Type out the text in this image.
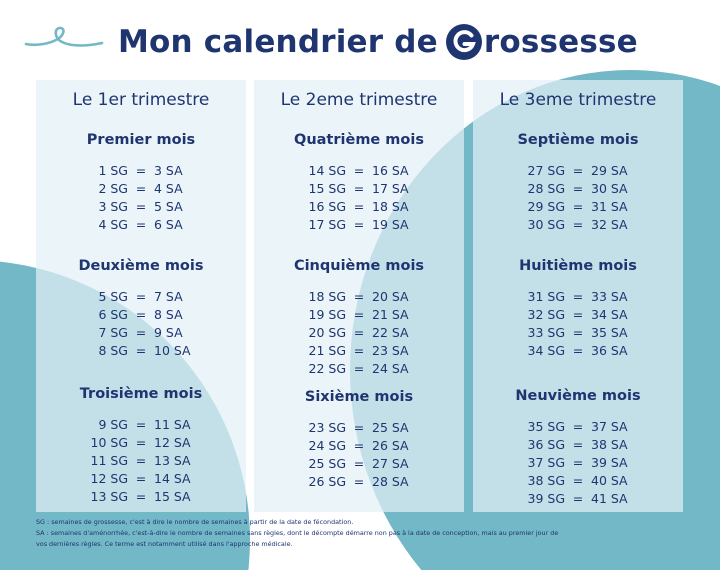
Mon calendrier de rossesse
Le 1er trimestre
Premier mois
1 SG = 3 SA
2 SG = 4 SA
3 SG = 5 SA
4 SG = 6 SA
Deuxième mois
5 SG = 7 SA
6 SG = 8 SA
7 SG = 9 SA
8 SG = 10 SA
Troisième mois
9 SG = 11 SA
10 SG = 12 SA
11 SG = 13 SA
12 SG = 14 SA
13 SG = 15 SA
Le 2eme trimestre
Quatrième mois
14 SG = 16 SA
15 SG = 17 SA
16 SG = 18 SA
17 SG = 19 SA
Cinquième mois
18 SG = 20 SA
19 SG = 21 SA
20 SG = 22 SA
21 SG = 23 SA
22 SG = 24 SA
Sixième mois
23 SG = 25 SA
24 SG = 26 SA
25 SG = 27 SA
26 SG = 28 SA
Le 3eme trimestre
Septième mois
27 SG = 29 SA
28 SG = 30 SA
29 SG = 31 SA
30 SG = 32 SA
Huitième mois
31 SG = 33 SA
32 SG = 34 SA
33 SG = 35 SA
34 SG = 36 SA
Neuvième mois
35 SG = 37 SA
36 SG = 38 SA
37 SG = 39 SA
38 SG = 40 SA
39 SG = 41 SA

SG : semaines de grossesse, c'est à dire le nombre de semaines à partir de la date de fécondation.

SA : semaines d'aménorrhée, c'est-à-dire le nombre de semaines sans règles, dont le décompte démarre non pas à la date de conception, mais au premier jour de

vos dernières règles. Ce terme est notamment utilisé dans l'approche médicale.
